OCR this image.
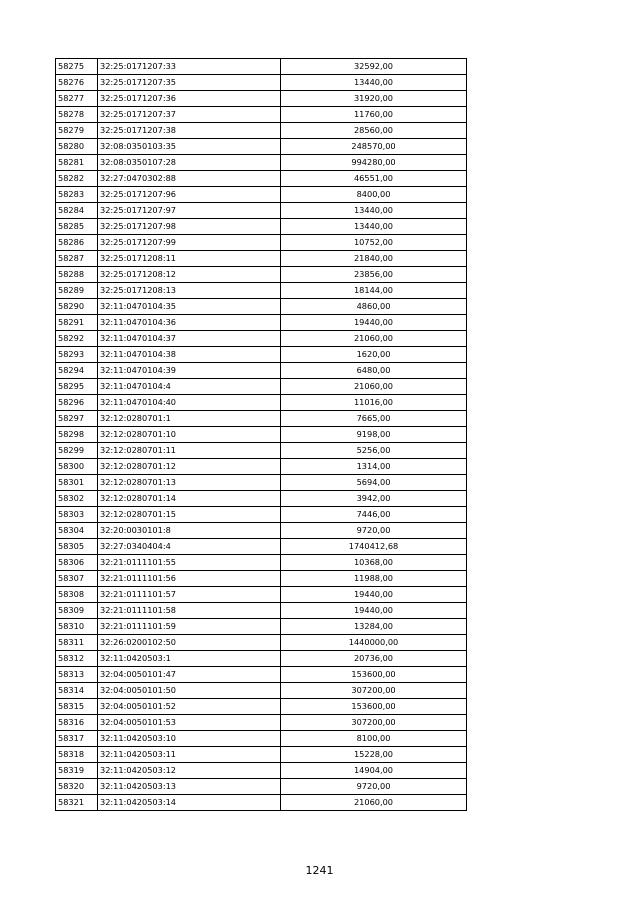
58275	32:25:0171207:33	32592,00
58276	32:25:0171207:35	13440,00
58277	32:25:0171207:36	31920,00
58278	32:25:0171207:37	11760,00
58279	32:25:0171207:38	28560,00
58280	32:08:0350103:35	248570,00
58281	32:08:0350107:28	994280,00
58282	32:27:0470302:88	46551,00
58283	32:25:0171207:96	8400,00
58284	32:25:0171207:97	13440,00
58285	32:25:0171207:98	13440,00
58286	32:25:0171207:99	10752,00
58287	32:25:0171208:11	21840,00
58288	32:25:0171208:12	23856,00
58289	32:25:0171208:13	18144,00
58290	32:11:0470104:35	4860,00
58291	32:11:0470104:36	19440,00
58292	32:11:0470104:37	21060,00
58293	32:11:0470104:38	1620,00
58294	32:11:0470104:39	6480,00
58295	32:11:0470104:4	21060,00
58296	32:11:0470104:40	11016,00
58297	32:12:0280701:1	7665,00
58298	32:12:0280701:10	9198,00
58299	32:12:0280701:11	5256,00
58300	32:12:0280701:12	1314,00
58301	32:12:0280701:13	5694,00
58302	32:12:0280701:14	3942,00
58303	32:12:0280701:15	7446,00
58304	32:20:0030101:8	9720,00
58305	32:27:0340404:4	1740412,68
58306	32:21:0111101:55	10368,00
58307	32:21:0111101:56	11988,00
58308	32:21:0111101:57	19440,00
58309	32:21:0111101:58	19440,00
58310	32:21:0111101:59	13284,00
58311	32:26:0200102:50	1440000,00
58312	32:11:0420503:1	20736,00
58313	32:04:0050101:47	153600,00
58314	32:04:0050101:50	307200,00
58315	32:04:0050101:52	153600,00
58316	32:04:0050101:53	307200,00
58317	32:11:0420503:10	8100,00
58318	32:11:0420503:11	15228,00
58319	32:11:0420503:12	14904,00
58320	32:11:0420503:13	9720,00
58321	32:11:0420503:14	21060,00
1241
